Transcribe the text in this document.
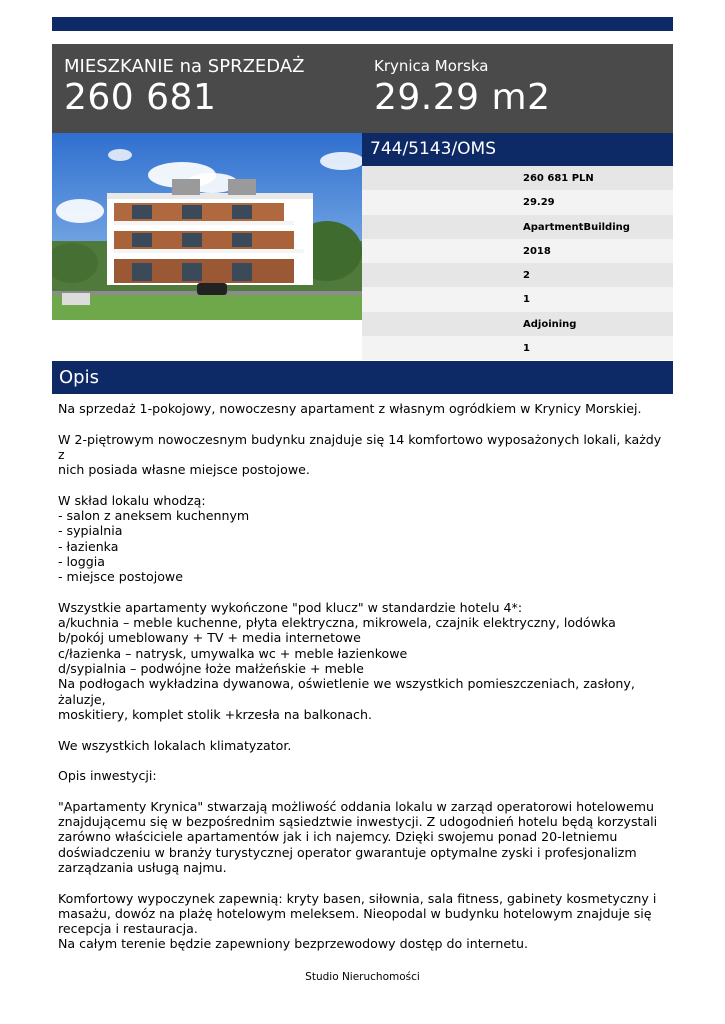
MIESZKANIE na SPRZEDAŻ
260 681
Krynica Morska
29.29 m2
744/5143/OMS
260 681 PLN
29.29
ApartmentBuilding
2018
2
1
Adjoining
1
Opis

Na sprzedaż 1-pokojowy, nowoczesny apartament z własnym ogródkiem w Krynicy Morskiej.

W 2-piętrowym nowoczesnym budynku znajduje się 14 komfortowo wyposażonych lokali, każdy z

nich posiada własne miejsce postojowe.

W skład lokalu whodzą:

- salon z aneksem kuchennym

- sypialnia

- łazienka

- loggia

- miejsce postojowe

Wszystkie apartamenty wykończone "pod klucz" w standardzie hotelu 4*:

a/kuchnia – meble kuchenne, płyta elektryczna, mikrowela, czajnik elektryczny, lodówka

b/pokój umeblowany + TV + media internetowe

c/łazienka – natrysk, umywalka wc + meble łazienkowe

d/sypialnia – podwójne łoże małżeńskie + meble

Na podłogach wykładzina dywanowa, oświetlenie we wszystkich pomieszczeniach, zasłony, żaluzje,

moskitiery, komplet stolik +krzesła na balkonach.

We wszystkich lokalach klimatyzator.

Opis inwestycji:

"Apartamenty Krynica" stwarzają możliwość oddania lokalu w zarząd operatorowi hotelowemu

znajdującemu się w bezpośrednim sąsiedztwie inwestycji. Z udogodnień hotelu będą korzystali

zarówno właściciele apartamentów jak i ich najemcy. Dzięki swojemu ponad 20-letniemu

doświadczeniu w branży turystycznej operator gwarantuje optymalne zyski i profesjonalizm

zarządzania usługą najmu.

Komfortowy wypoczynek zapewnią: kryty basen, siłownia, sala fitness, gabinety kosmetyczny i

masażu, dowóz na plażę hotelowym meleksem. Nieopodal w budynku hotelowym znajduje się

recepcja i restauracja.

Na całym terenie będzie zapewniony bezprzewodowy dostęp do internetu.

Studio Nieruchomości
